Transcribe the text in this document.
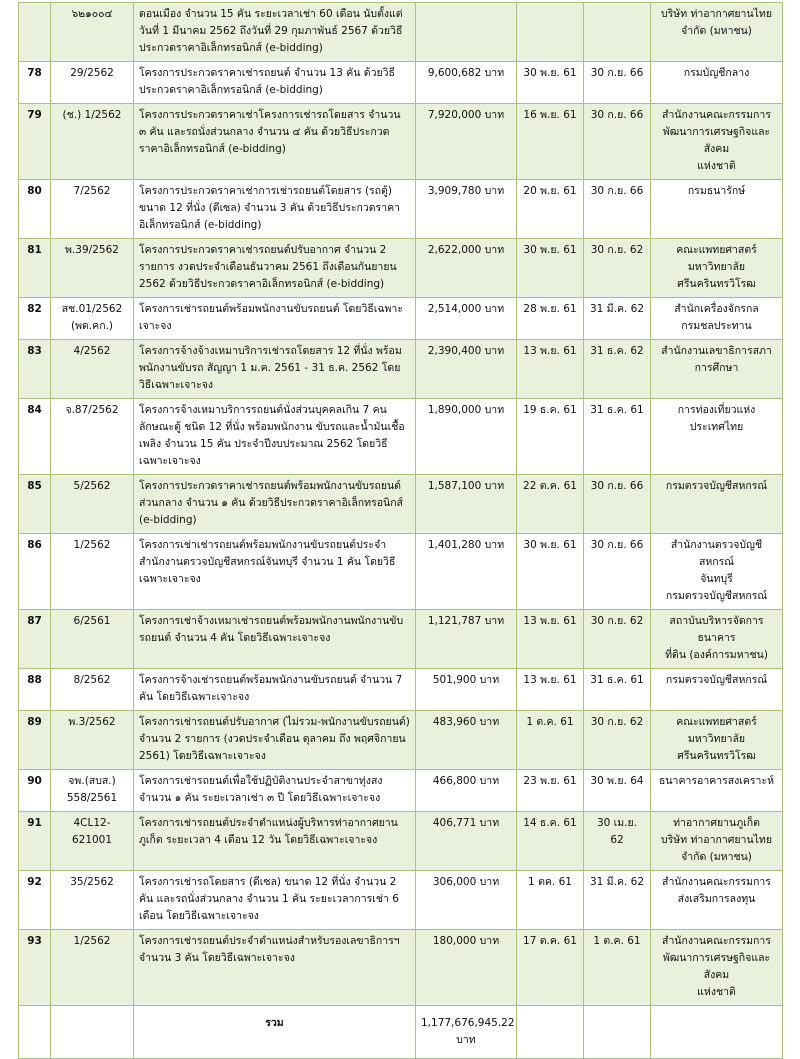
	๖๒๑๐๐๔	ดอนเมือง จำนวน 15 คัน ระยะเวลาเช่า 60 เดือน นับตั้งแต่วันที่ 1 มีนาคม 2562 ถึงวันที่ 29 กุมภาพันธ์ 2567 ด้วยวิธีประกวดราคาอิเล็กทรอนิกส์ (e-bidding)				บริษัท ท่าอากาศยานไทย
จำกัด (มหาชน)

78	29/2562	โครงการประกวดราคาเช่ารถยนต์ จำนวน 13 คัน ด้วยวิธีประกวดราคาอิเล็กทรอนิกส์ (e-bidding)	9,600,682 บาท	30 พ.ย. 61	30 ก.ย. 66	กรมบัญชีกลาง
79	(ช.) 1/2562	โครงการประกวดราคาเช่าโครงการเช่ารถโดยสาร จำนวน ๓ คัน และรถนั่งส่วนกลาง จำนวน ๔ คัน ด้วยวิธีประกวดราคาอิเล็กทรอนิกส์ (e-bidding)	7,920,000 บาท	16 พ.ย. 61	30 ก.ย. 66	สำนักงานคณะกรรมการ
พัฒนาการเศรษฐกิจและสังคม
แห่งชาติ

80	7/2562	โครงการประกวดราคาเช่าการเช่ารถยนต์โดยสาร (รถตู้) ขนาด 12 ที่นั่ง (ดีเซล) จำนวน 3 คัน ด้วยวิธีประกวดราคาอิเล็กทรอนิกส์ (e-bidding)	3,909,780 บาท	20 พ.ย. 61	30 ก.ย. 66	กรมธนารักษ์
81	พ.39/2562	โครงการประกวดราคาเช่ารถยนต์ปรับอากาศ จำนวน 2 รายการ งวดประจำเดือนธันวาคม 2561 ถึงเดือนกันยายน 2562 ด้วยวิธีประกวดราคาอิเล็กทรอนิกส์ (e-bidding)	2,622,000 บาท	30 พ.ย. 61	30 ก.ย. 62	คณะแพทยศาสตร์
มหาวิทยาลัยศรีนครินทรวิโรฒ

82	สช.01/2562
(พด.คก.)	โครงการเช่ารถยนต์พร้อมพนักงานขับรถยนต์ โดยวิธีเฉพาะเจาะจง	2,514,000 บาท	28 พ.ย. 61	31 มี.ค. 62	สำนักเครื่องจักรกล
กรมชลประทาน

83	4/2562	โครงการจ้างจ้างเหมาบริการเช่ารถโดยสาร 12 ที่นั่ง พร้อมพนักงานขับรถ สัญญา 1 ม.ค. 2561 - 31 ธ.ค. 2562 โดยวิธีเฉพาะเจาะจง	2,390,400 บาท	13 พ.ย. 61	31 ธ.ค. 62	สำนักงานเลขาธิการสภา
การศึกษา

84	จ.87/2562	โครงการจ้างเหมาบริการรถยนต์นั่งส่วนบุคคลเกิน 7 คน ลักษณะตู้ ชนิด 12 ที่นั่ง พร้อมพนักงาน ขับรถและน้ำมันเชื้อเพลิง จำนวน 15 คัน ประจำปีงบประมาณ 2562 โดยวิธีเฉพาะเจาะจง	1,890,000 บาท	19 ธ.ค. 61	31 ธ.ค. 61	การท่องเที่ยวแห่งประเทศไทย
85	5/2562	โครงการประกวดราคาเช่ารถยนต์พร้อมพนักงานขับรถยนต์ส่วนกลาง จำนวน ๑ คัน ด้วยวิธีประกวดราคาอิเล็กทรอนิกส์ (e-bidding)	1,587,100 บาท	22 ต.ค. 61	30 ก.ย. 66	กรมตรวจบัญชีสหกรณ์
86	1/2562	โครงการเช่าเช่ารถยนต์พร้อมพนักงานขับรถยนต์ประจำสำนักงานตรวจบัญชีสหกรณ์จันทบุรี จำนวน 1 คัน โดยวิธีเฉพาะเจาะจง	1,401,280 บาท	30 พ.ย. 61	30 ก.ย. 66	สำนักงานตรวจบัญชีสหกรณ์
จันทบุรี
กรมตรวจบัญชีสหกรณ์

87	6/2561	โครงการเช่าจ้างเหมาเช่ารถยนต์พร้อมพนักงานพนักงานขับรถยนต์ จำนวน 4 คัน โดยวิธีเฉพาะเจาะจง	1,121,787 บาท	13 พ.ย. 61	30 ก.ย. 62	สถาบันบริหารจัดการธนาคาร
ที่ดิน (องค์การมหาชน)

88	8/2562	โครงการจ้างเช่ารถยนต์พร้อมพนักงานขับรถยนต์ จำนวน 7 คัน โดยวิธีเฉพาะเจาะจง	501,900 บาท	13 พ.ย. 61	31 ธ.ค. 61	กรมตรวจบัญชีสหกรณ์
89	พ.3/2562	โครงการเช่ารถยนต์ปรับอากาศ (ไม่รวม-พนักงานขับรถยนต์) จำนวน 2 รายการ (งวดประจำเดือน ตุลาคม ถึง พฤศจิกายน 2561) โดยวิธีเฉพาะเจาะจง	483,960 บาท	1 ต.ค. 61	30 ก.ย. 62	คณะแพทยศาสตร์
มหาวิทยาลัยศรีนครินทรวิโรฒ

90	จพ.(สบส.)
558/2561	โครงการเช่ารถยนต์เพื่อใช้ปฏิบัติงานประจำสาขาทุ่งสง จำนวน ๑ คัน ระยะเวลาเช่า ๓ ปี โดยวิธีเฉพาะเจาะจง	466,800 บาท	23 พ.ย. 61	30 พ.ย. 64	ธนาคารอาคารสงเคราะห์
91	4CL12-
621001	โครงการเช่ารถยนต์ประจำตำแหน่งผู้บริหารท่าอากาศยานภูเก็ต ระยะเวลา 4 เดือน 12 วัน โดยวิธีเฉพาะเจาะจง	406,771 บาท	14 ธ.ค. 61	30 เม.ย. 62	ท่าอากาศยานภูเก็ต
บริษัท ท่าอากาศยานไทย
จำกัด (มหาชน)

92	35/2562	โครงการเช่ารถโดยสาร (ดีเซล) ขนาด 12 ที่นั่ง จำนวน 2 คัน และรถนั่งส่วนกลาง จำนวน 1 คัน ระยะเวลาการเช่า 6 เดือน โดยวิธีเฉพาะเจาะจง	306,000 บาท	1 ตค. 61	31 มี.ค. 62	สำนักงานคณะกรรมการ
ส่งเสริมการลงทุน

93	1/2562	โครงการเช่ารถยนต์ประจำตำแหน่งสำหรับรองเลขาธิการฯ จำนวน 3 คัน โดยวิธีเฉพาะเจาะจง	180,000 บาท	17 ต.ค. 61	1 ต.ค. 61	สำนักงานคณะกรรมการ
พัฒนาการเศรษฐกิจและสังคม
แห่งชาติ

		รวม	1,177,676,945.22
บาท			
